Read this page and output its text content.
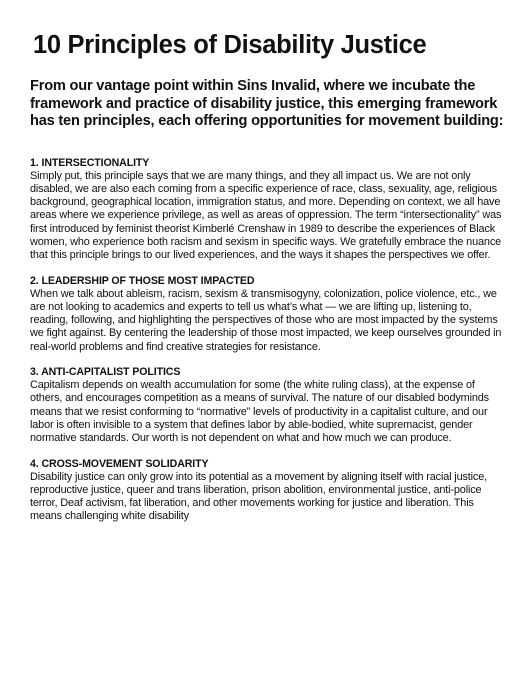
10 Principles of Disability Justice

From our vantage point within Sins Invalid, where we incubate the framework and practice of disability justice, this emerging framework has ten principles, each offering opportunities for movement building:

1. INTERSECTIONALITY

Simply put, this principle says that we are many things, and they all impact us. We are not only disabled, we are also each coming from a specific experience of race, class, sexuality, age, religious background, geographical location, immigration status, and more. Depending on context, we all have areas where we experience privilege, as well as areas of oppression. The term “intersectionality” was first introduced by feminist theorist Kimberlé Crenshaw in 1989 to describe the experiences of Black women, who experience both racism and sexism in specific ways. We gratefully embrace the nuance that this principle brings to our lived experiences, and the ways it shapes the perspectives we offer.

2. LEADERSHIP OF THOSE MOST IMPACTED

When we talk about ableism, racism, sexism & transmisogyny, colonization, police violence, etc., we are not looking to academics and experts to tell us what’s what — we are lifting up, listening to, reading, following, and highlighting the perspectives of those who are most impacted by the systems we fight against. By centering the leadership of those most impacted, we keep ourselves grounded in real-world problems and find creative strategies for resistance.

3. ANTI-CAPITALIST POLITICS

Capitalism depends on wealth accumulation for some (the white ruling class), at the expense of others, and encourages competition as a means of survival. The nature of our disabled bodyminds means that we resist conforming to “normative” levels of productivity in a capitalist culture, and our labor is often invisible to a system that defines labor by able-bodied, white supremacist, gender normative standards. Our worth is not dependent on what and how much we can produce.

4. CROSS-MOVEMENT SOLIDARITY

Disability justice can only grow into its potential as a movement by aligning itself with racial justice, reproductive justice, queer and trans liberation, prison abolition, environmental justice, anti-police terror, Deaf activism, fat liberation, and other movements working for justice and liberation. This means challenging white disability
